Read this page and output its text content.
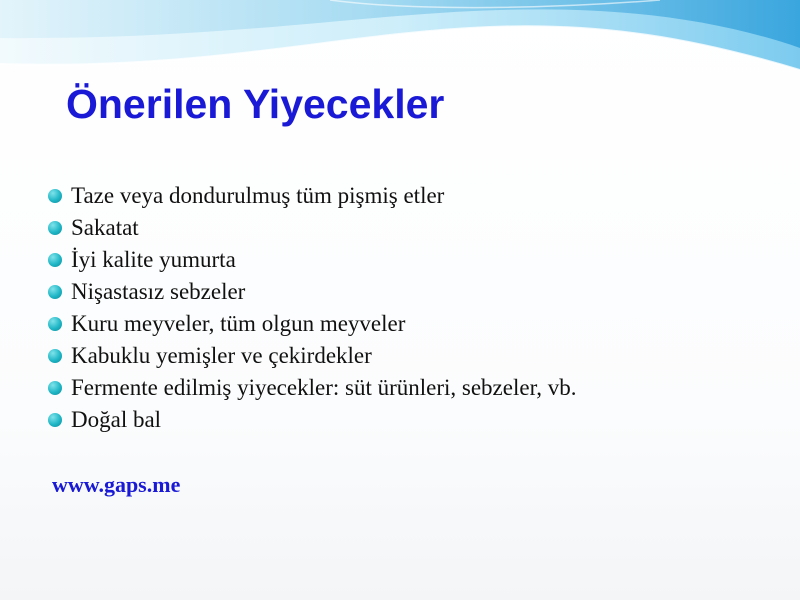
Önerilen Yiyecekler
Taze veya dondurulmuş tüm pişmiş etler
Sakatat
İyi kalite yumurta
Nişastasız sebzeler
Kuru meyveler, tüm olgun meyveler
Kabuklu yemişler ve çekirdekler
Fermente edilmiş yiyecekler: süt ürünleri, sebzeler, vb.
Doğal bal
www.gaps.me
